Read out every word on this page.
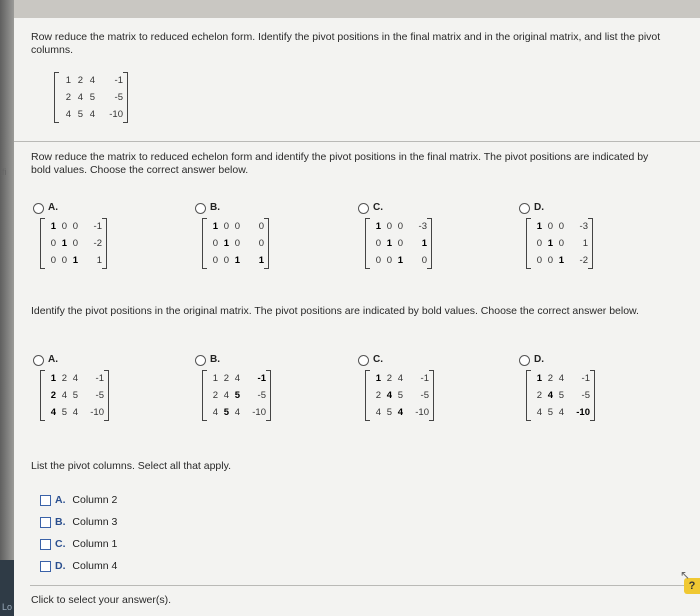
fi
Lo
Row reduce the matrix to reduced echelon form. Identify the pivot positions in the final matrix and in the original matrix, and list the pivot columns.
1 2 4	-1
2 4 5	-5
4 5 4	-10
Row reduce the matrix to reduced echelon form and identify the pivot positions in the final matrix. The pivot positions are indicated by bold values. Choose the correct answer below.
A.
1 0 0	-1
0 1 0	-2
0 0 1	1
B.
1 0 0	0
0 1 0	0
0 0 1	1
C.
1 0 0	-3
0 1 0	1
0 0 1	0
D.
1 0 0	-3
0 1 0	1
0 0 1	-2
Identify the pivot positions in the original matrix. The pivot positions are indicated by bold values. Choose the correct answer below.
A.
1 2 4	-1
2 4 5	-5
4 5 4	-10
B.
1 2 4	-1
2 4 5	-5
4 5 4	-10
C.
1 2 4	-1
2 4 5	-5
4 5 4	-10
D.
1 2 4	-1
2 4 5	-5
4 5 4	-10
List the pivot columns. Select all that apply.
A. Column 2
B. Column 3
C. Column 1
D. Column 4
Click to select your answer(s).
?
↖
